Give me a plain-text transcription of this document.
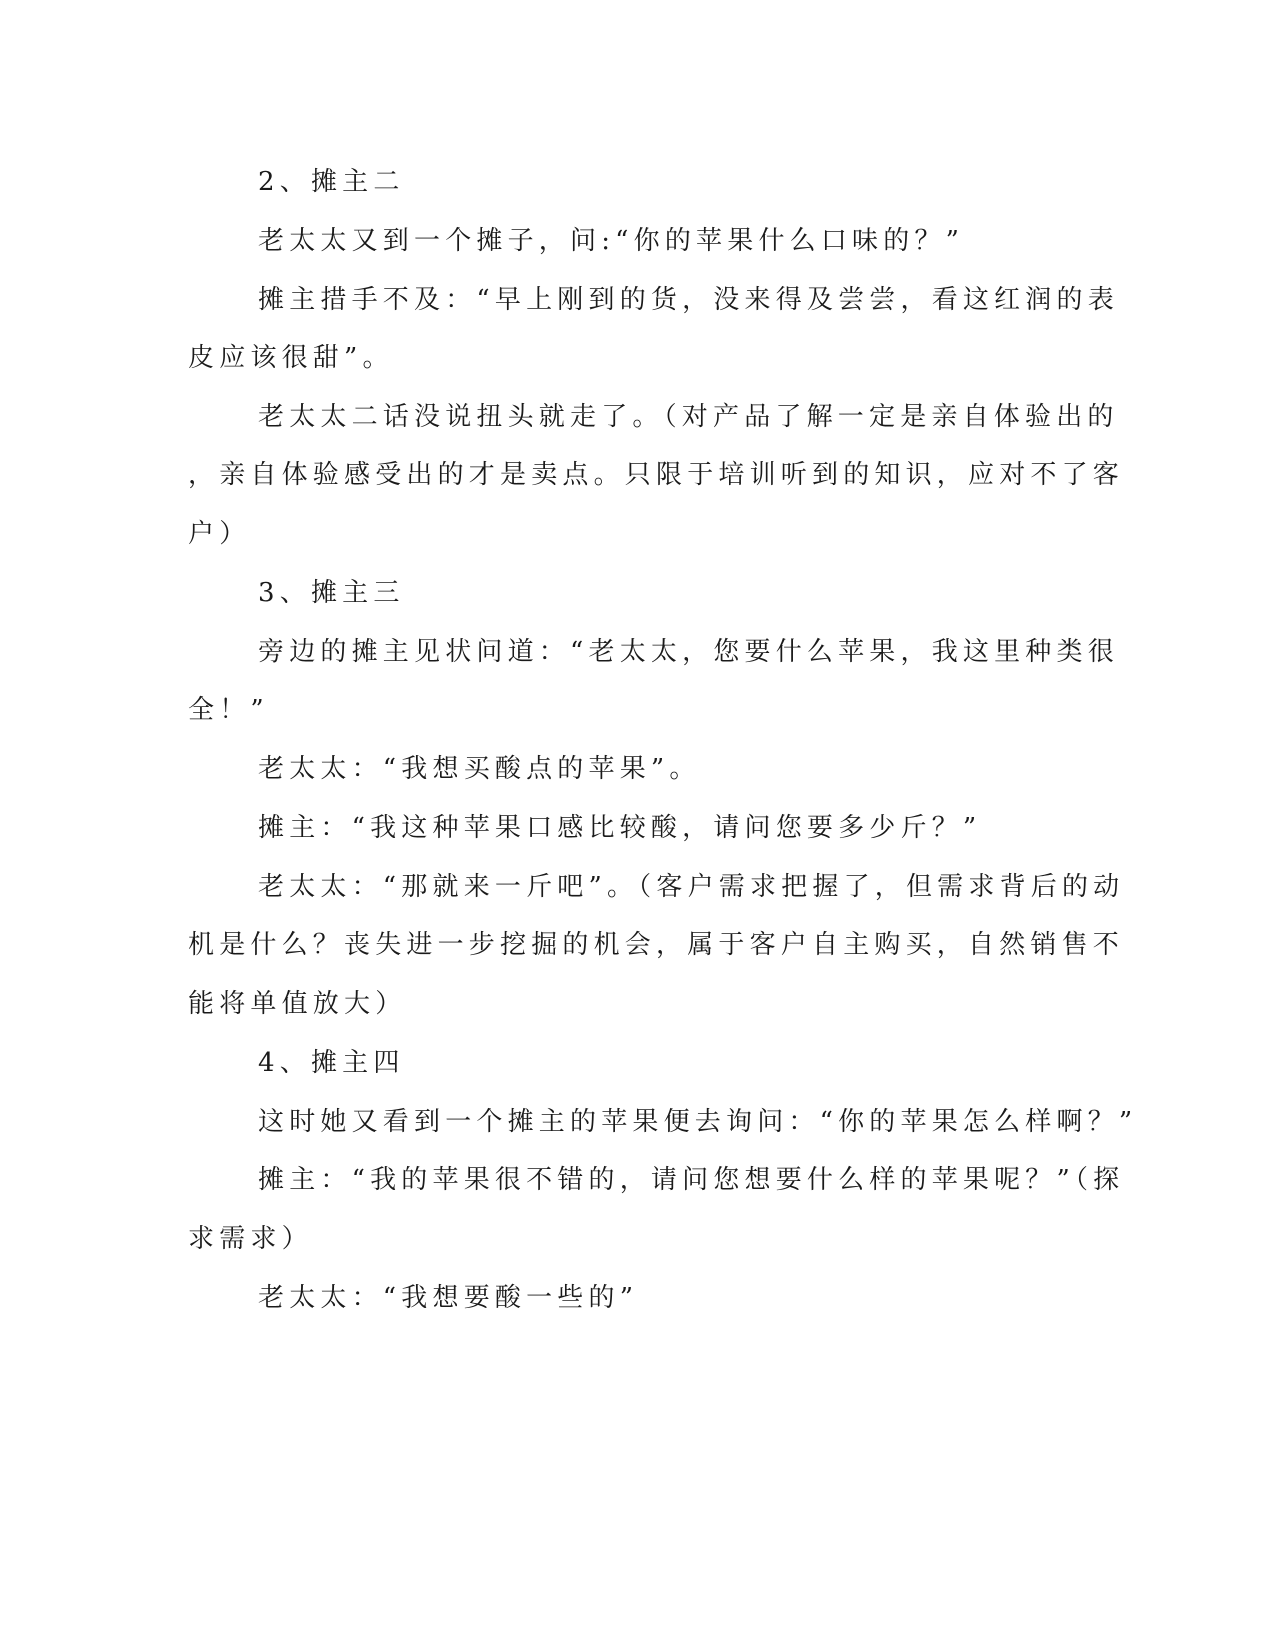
2、摊主二
老太太又到一个摊子，问:“你的苹果什么口味的？”
摊主措手不及：“早上刚到的货，没来得及尝尝，看这红润的表
皮应该很甜”。
老太太二话没说扭头就走了。（对产品了解一定是亲自体验出的
，亲自体验感受出的才是卖点。只限于培训听到的知识，应对不了客
户）
3、摊主三
旁边的摊主见状问道：“老太太，您要什么苹果，我这里种类很
全！”
老太太：“我想买酸点的苹果”。
摊主：“我这种苹果口感比较酸，请问您要多少斤？”
老太太：“那就来一斤吧”。（客户需求把握了，但需求背后的动
机是什么？丧失进一步挖掘的机会，属于客户自主购买，自然销售不
能将单值放大）
4、摊主四
这时她又看到一个摊主的苹果便去询问：“你的苹果怎么样啊？”
摊主：“我的苹果很不错的，请问您想要什么样的苹果呢？”（探
求需求）
老太太：“我想要酸一些的”
